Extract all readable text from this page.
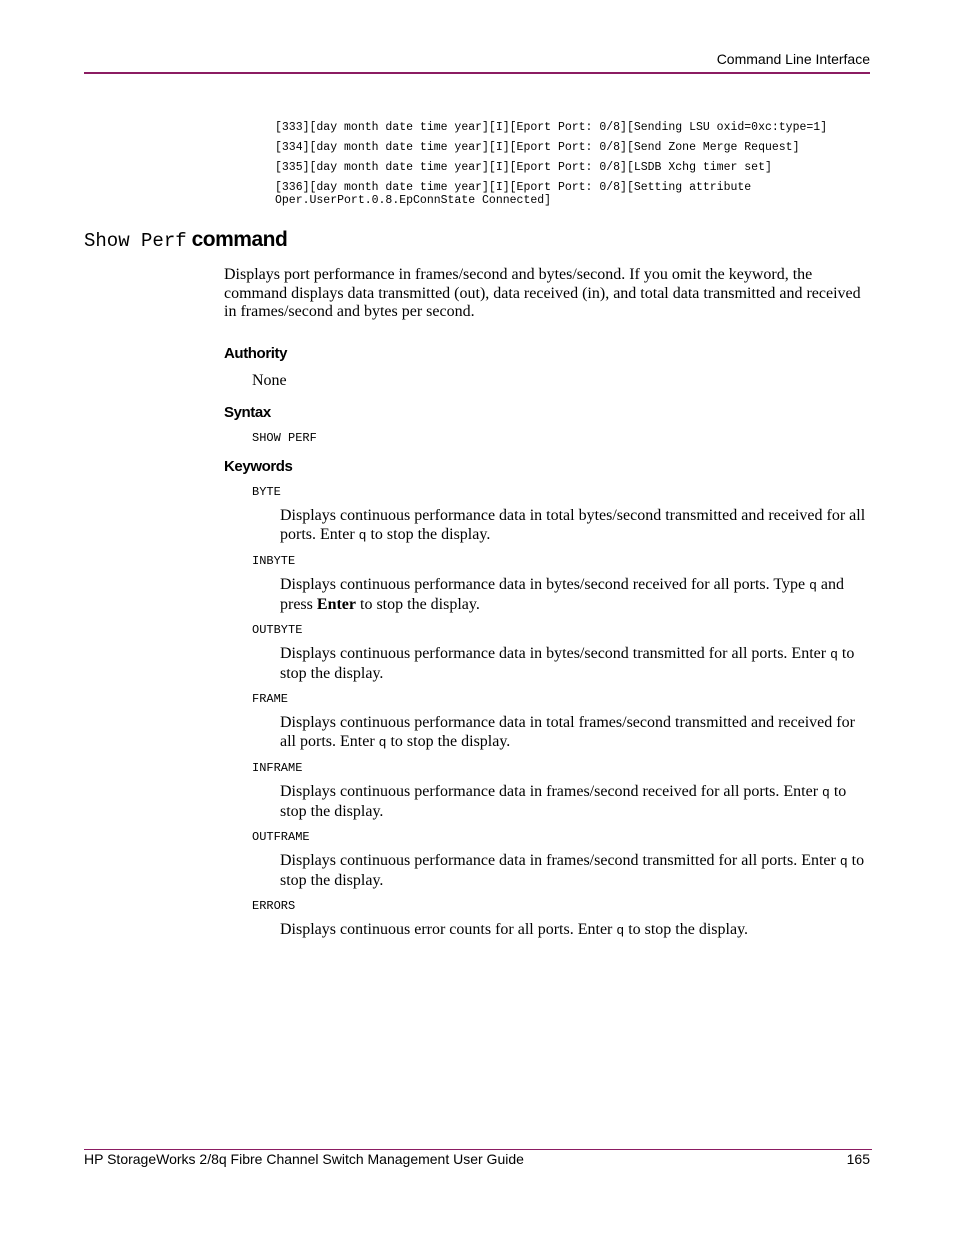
Command Line Interface

[333][day month date time year][I][Eport Port: 0/8][Sending LSU oxid=0xc:type=1]

[334][day month date time year][I][Eport Port: 0/8][Send Zone Merge Request]

[335][day month date time year][I][Eport Port: 0/8][LSDB Xchg timer set]

[336][day month date time year][I][Eport Port: 0/8][Setting attribute
Oper.UserPort.0.8.EpConnState Connected]

Show Perf command

Displays port performance in frames/second and bytes/second. If you omit the keyword, the command displays data transmitted (out), data received (in), and total data transmitted and received in frames/second and bytes per second.

Authority

None

Syntax

SHOW PERF

Keywords

BYTE

Displays continuous performance data in total bytes/second transmitted and received for all ports. Enter q to stop the display.

INBYTE

Displays continuous performance data in bytes/second received for all ports. Type q and press Enter to stop the display.

OUTBYTE

Displays continuous performance data in bytes/second transmitted for all ports. Enter q to stop the display.

FRAME

Displays continuous performance data in total frames/second transmitted and received for all ports. Enter q to stop the display.

INFRAME

Displays continuous performance data in frames/second received for all ports. Enter q to stop the display.

OUTFRAME

Displays continuous performance data in frames/second transmitted for all ports. Enter q to stop the display.

ERRORS

Displays continuous error counts for all ports. Enter q to stop the display.

HP StorageWorks 2/8q Fibre Channel Switch Management User Guide	165
